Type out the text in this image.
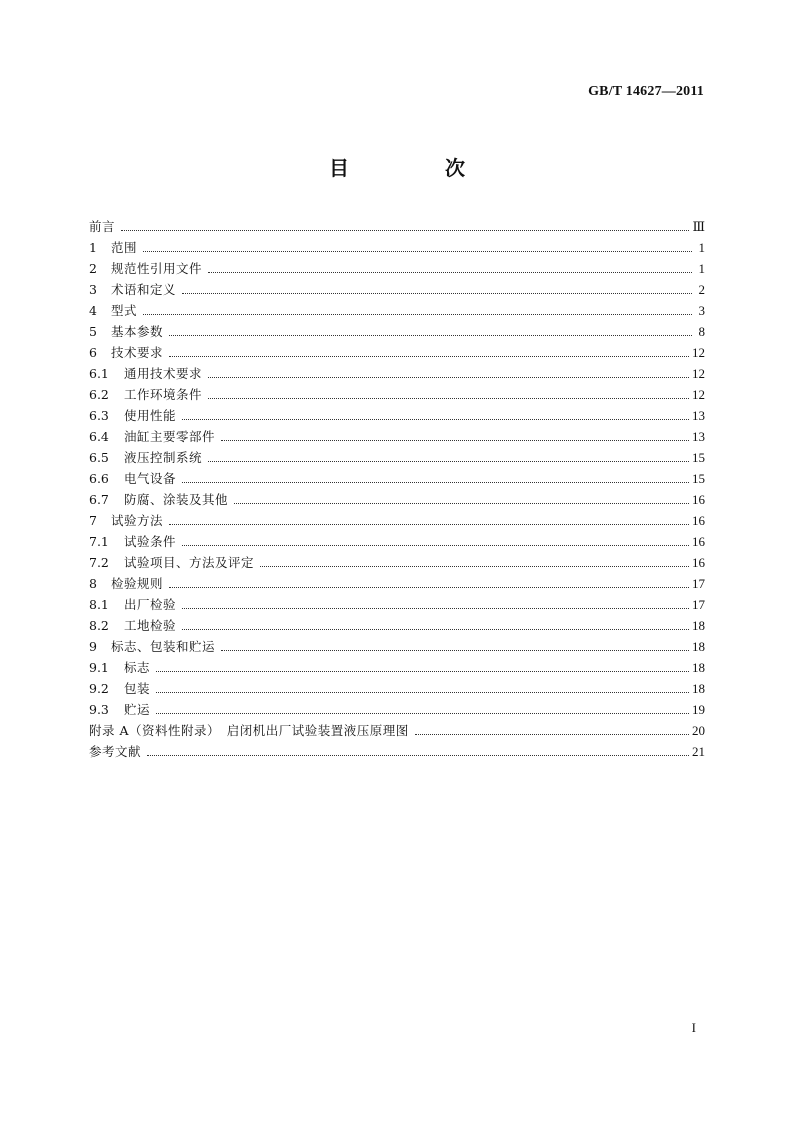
GB/T 14627—2011
目　次
前言	Ⅲ
1 范围	1
2 规范性引用文件	1
3 术语和定义	2
4 型式	3
5 基本参数	8
6 技术要求	12
6.1 通用技术要求	12
6.2 工作环境条件	12
6.3 使用性能	13
6.4 油缸主要零部件	13
6.5 液压控制系统	15
6.6 电气设备	15
6.7 防腐、涂装及其他	16
7 试验方法	16
7.1 试验条件	16
7.2 试验项目、方法及评定	16
8 检验规则	17
8.1 出厂检验	17
8.2 工地检验	18
9 标志、包装和贮运	18
9.1 标志	18
9.2 包装	18
9.3 贮运	19
附录 A（资料性附录）　启闭机出厂试验装置液压原理图	20
参考文献	21
I
